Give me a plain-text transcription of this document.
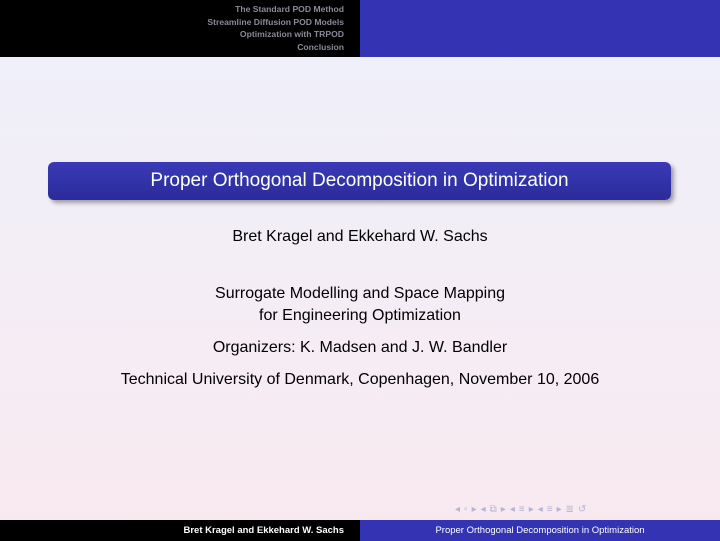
The Standard POD Method
Streamline Diffusion POD Models
Optimization with TRPOD
Conclusion
Proper Orthogonal Decomposition in Optimization
Bret Kragel and Ekkehard W. Sachs
Surrogate Modelling and Space Mapping
for Engineering Optimization
Organizers: K. Madsen and J. W. Bandler
Technical University of Denmark, Copenhagen, November 10, 2006
◂ ▫ ▸ ◂ ⧉ ▸ ◂ ≡ ▸ ◂ ≡ ▸ ≣ ↺
Bret Kragel and Ekkehard W. Sachs	Proper Orthogonal Decomposition in Optimization
